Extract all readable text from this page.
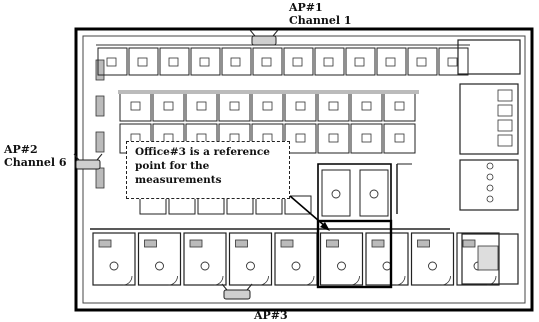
AP#1
Channel 1
AP#2
Channel 6
AP#3
Office#3 is a reference
point for the
measurements
